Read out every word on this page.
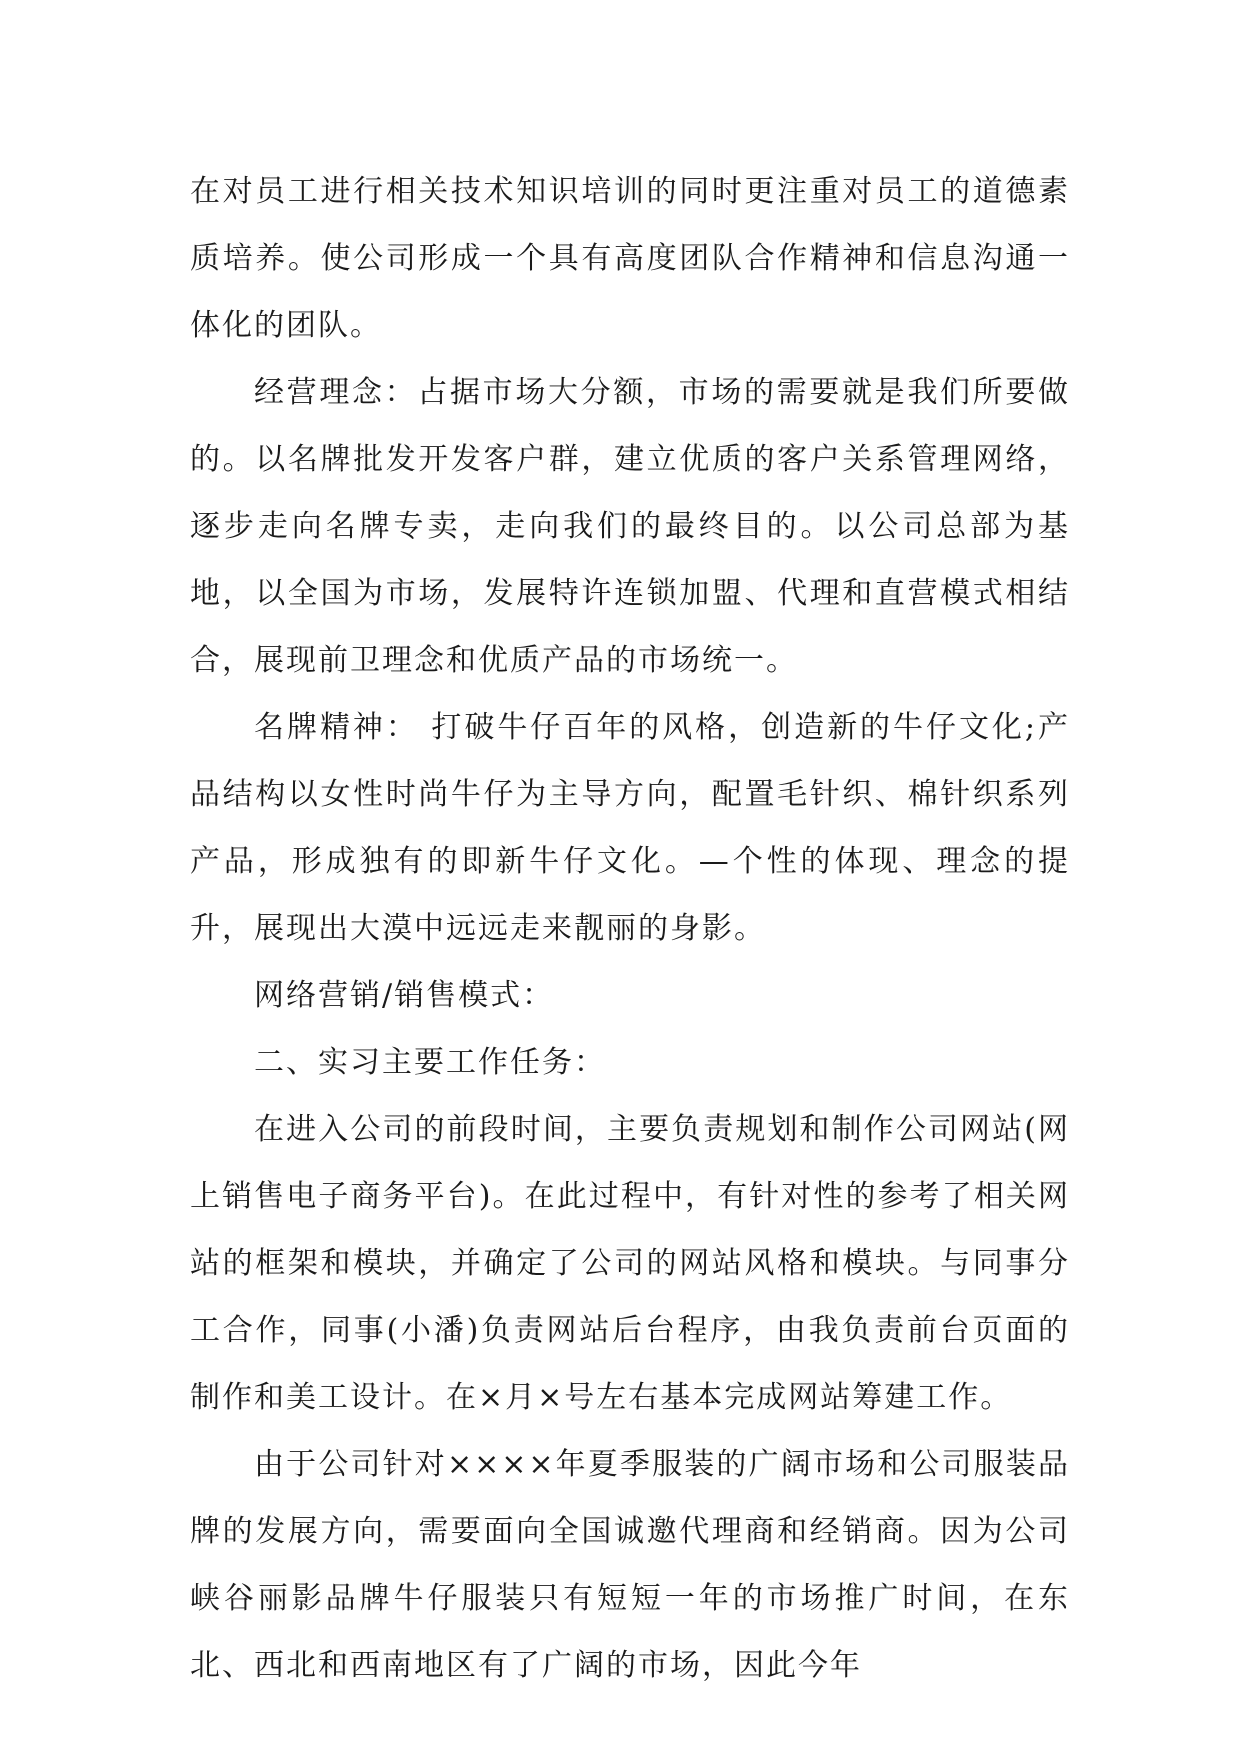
在对员工进行相关技术知识培训的同时更注重对员工的道德素质培养。使公司形成一个具有高度团队合作精神和信息沟通一体化的团队。

经营理念：占据市场大分额，市场的需要就是我们所要做的。以名牌批发开发客户群，建立优质的客户关系管理网络，逐步走向名牌专卖，走向我们的最终目的。以公司总部为基地，以全国为市场，发展特许连锁加盟、代理和直营模式相结合，展现前卫理念和优质产品的市场统一。

名牌精神： 打破牛仔百年的风格，创造新的牛仔文化;产品结构以女性时尚牛仔为主导方向，配置毛针织、棉针织系列产品，形成独有的即新牛仔文化。—个性的体现、理念的提升，展现出大漠中远远走来靓丽的身影。

网络营销/销售模式：

二、实习主要工作任务：

在进入公司的前段时间，主要负责规划和制作公司网站(网上销售电子商务平台)。在此过程中，有针对性的参考了相关网站的框架和模块，并确定了公司的网站风格和模块。与同事分工合作，同事(小潘)负责网站后台程序，由我负责前台页面的制作和美工设计。在×月×号左右基本完成网站筹建工作。

由于公司针对××××年夏季服装的广阔市场和公司服装品牌的发展方向，需要面向全国诚邀代理商和经销商。因为公司峡谷丽影品牌牛仔服装只有短短一年的市场推广时间，在东北、西北和西南地区有了广阔的市场，因此今年
